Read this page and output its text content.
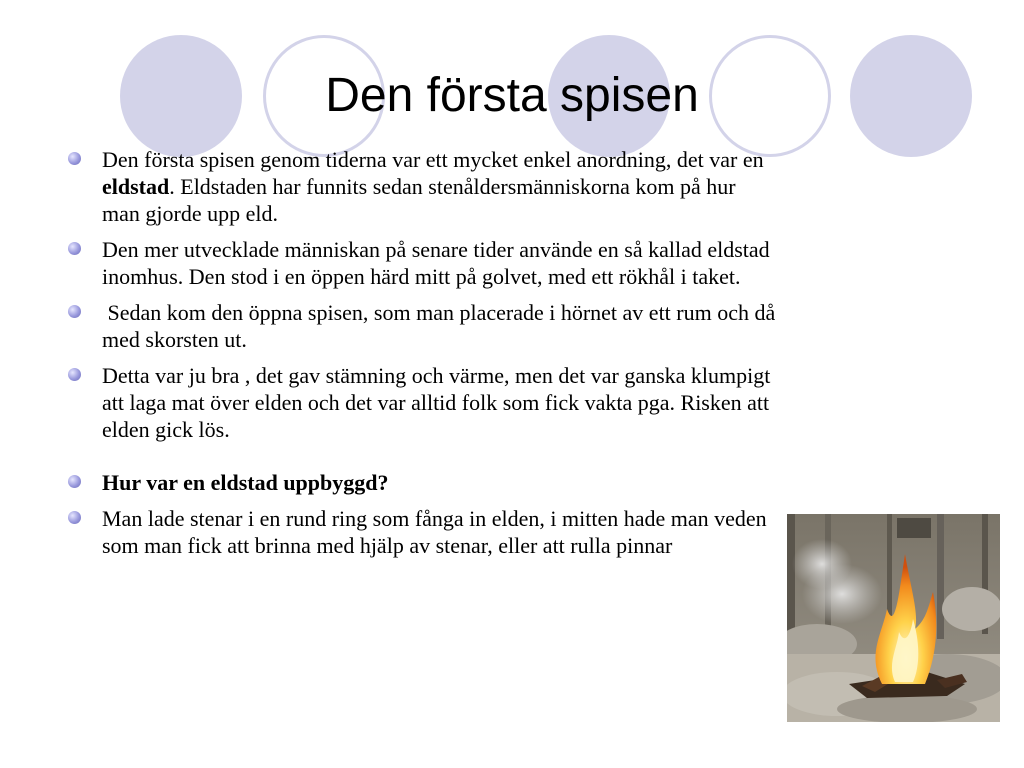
Den första spisen
Den första spisen genom tiderna var ett mycket enkel anordning, det var en eldstad. Eldstaden har funnits sedan stenåldersmänniskorna kom på hur man gjorde upp eld.
Den mer utvecklade människan på senare tider använde en så kallad eldstad inomhus. Den stod i en öppen härd mitt på golvet, med ett rökhål i taket.
Sedan kom den öppna spisen, som man placerade i hörnet av ett rum och då med skorsten ut.
Detta var ju bra , det gav stämning och värme, men det var ganska klumpigt att laga mat över elden och det var alltid folk som fick vakta pga. Risken att elden gick lös.
Hur var en eldstad uppbyggd?
Man lade stenar i en rund ring som fånga in elden, i mitten hade man veden som man fick att brinna med hjälp av stenar, eller att rulla pinnar
